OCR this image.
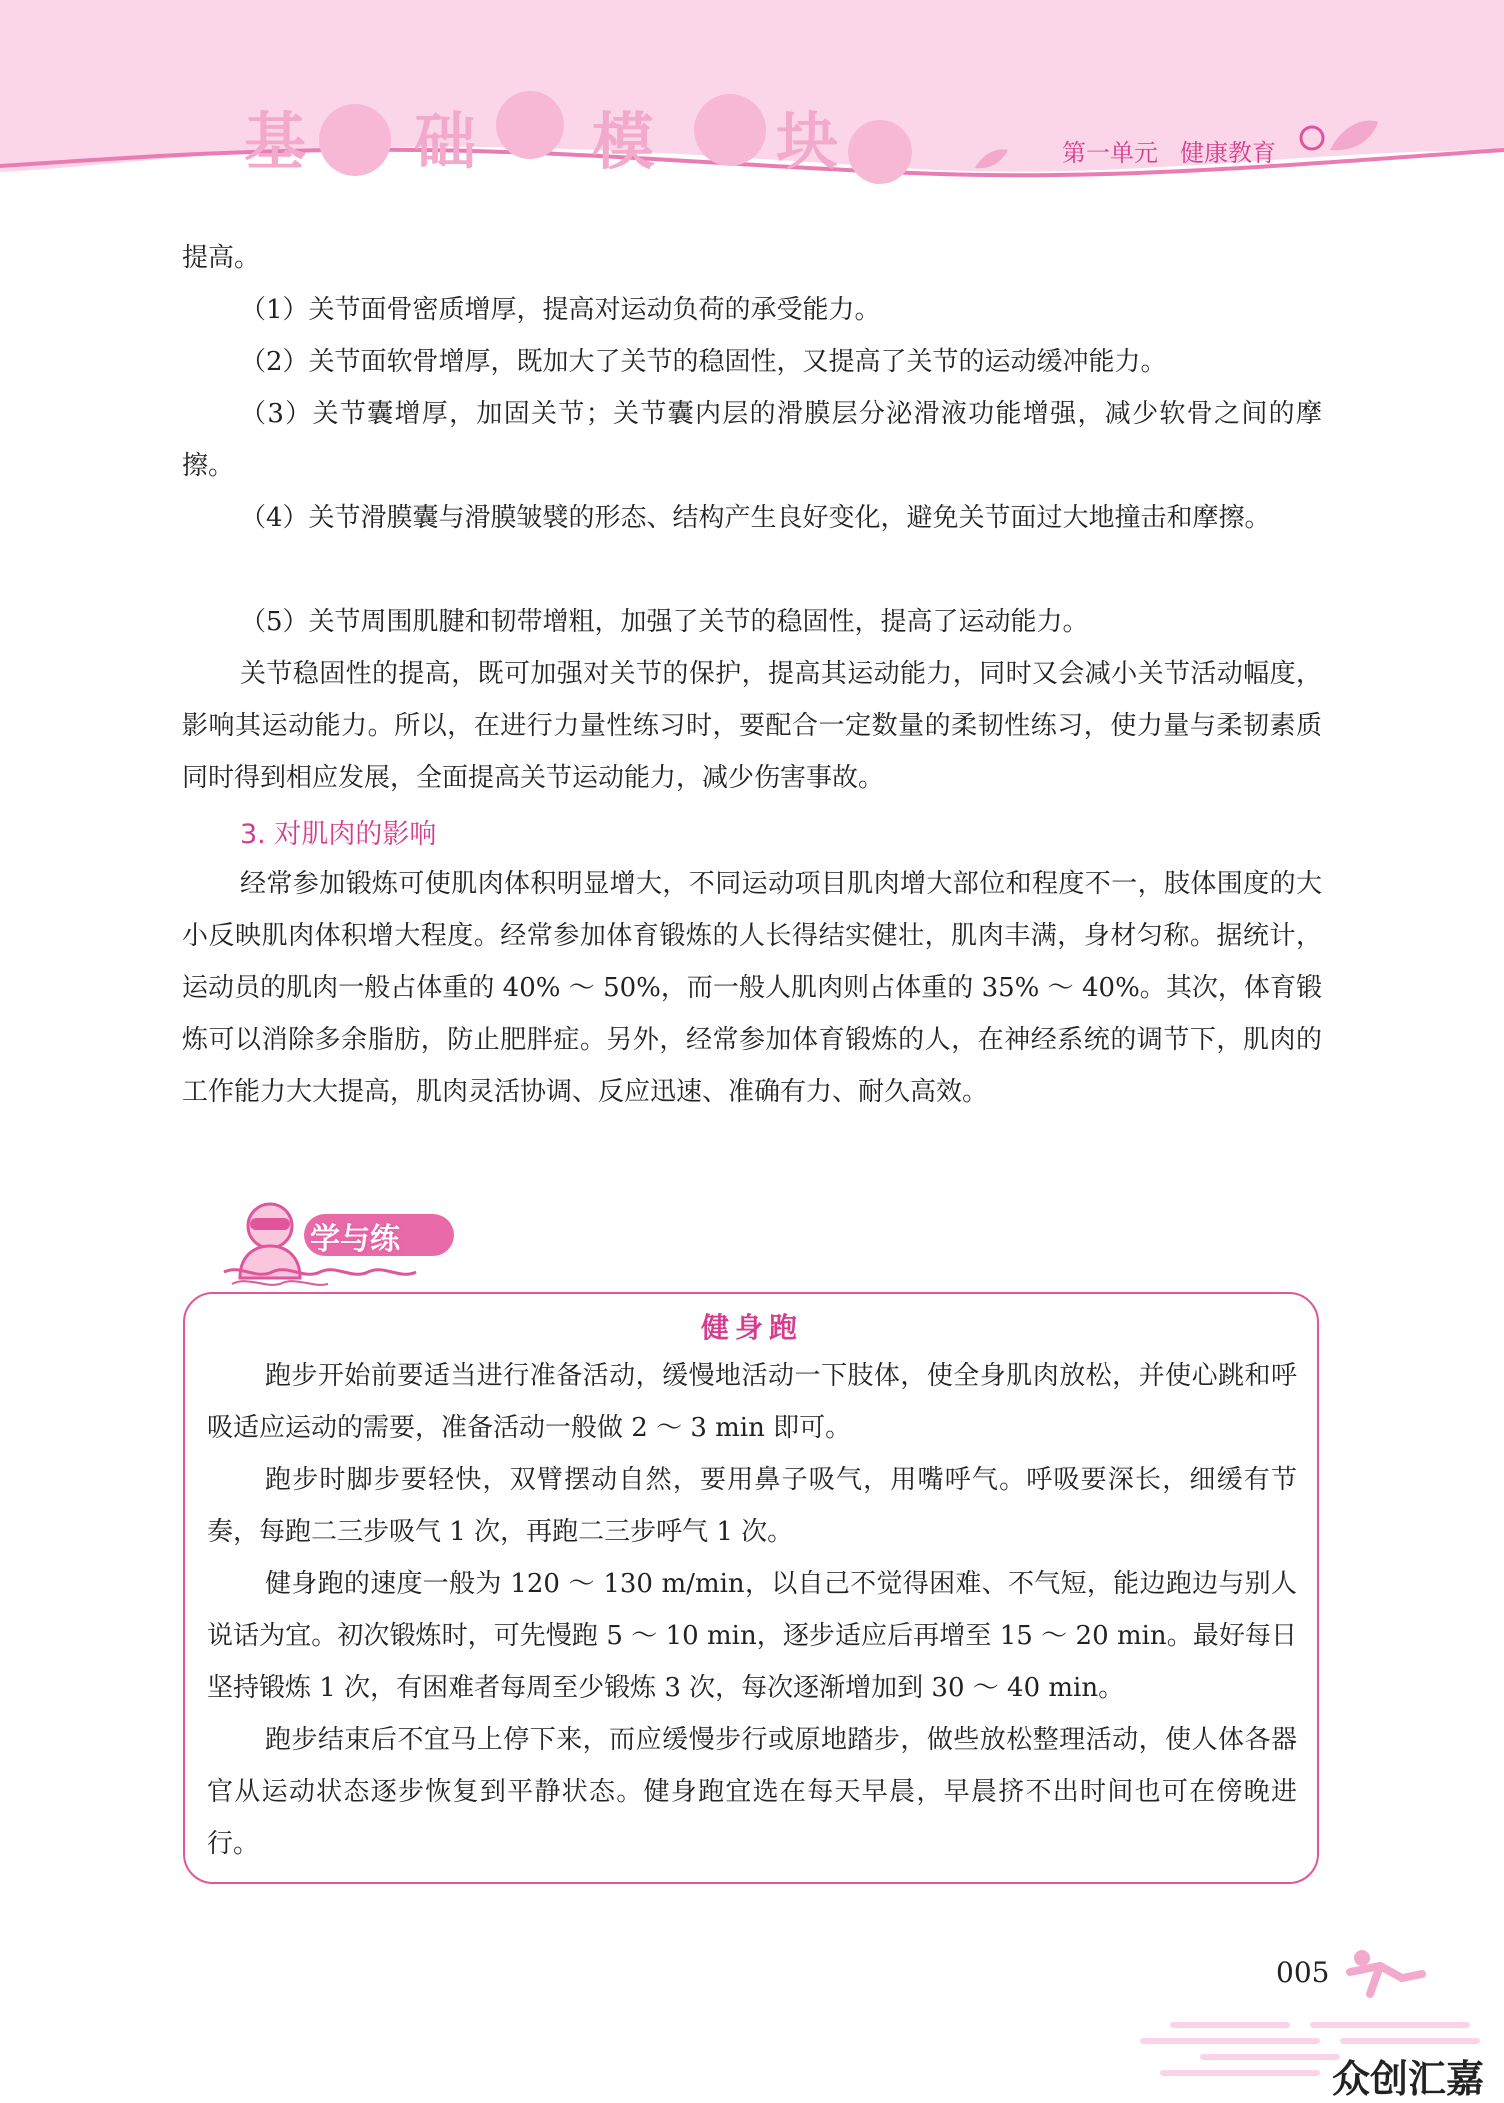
基 础 模 块	第一单元 健康教育

提高。

（1）关节面骨密质增厚，提高对运动负荷的承受能力。

（2）关节面软骨增厚，既加大了关节的稳固性，又提高了关节的运动缓冲能力。

（3）关节囊增厚，加固关节；关节囊内层的滑膜层分泌滑液功能增强，减少软骨之间的摩擦。

（4）关节滑膜囊与滑膜皱襞的形态、结构产生良好变化，避免关节面过大地撞击和摩擦。

（5）关节周围肌腱和韧带增粗，加强了关节的稳固性，提高了运动能力。

关节稳固性的提高，既可加强对关节的保护，提高其运动能力，同时又会减小关节活动幅度，影响其运动能力。所以，在进行力量性练习时，要配合一定数量的柔韧性练习，使力量与柔韧素质同时得到相应发展，全面提高关节运动能力，减少伤害事故。

3. 对肌肉的影响

经常参加锻炼可使肌肉体积明显增大，不同运动项目肌肉增大部位和程度不一，肢体围度的大小反映肌肉体积增大程度。经常参加体育锻炼的人长得结实健壮，肌肉丰满，身材匀称。据统计，运动员的肌肉一般占体重的 40% ～ 50%，而一般人肌肉则占体重的 35% ～ 40%。其次，体育锻炼可以消除多余脂肪，防止肥胖症。另外，经常参加体育锻炼的人，在神经系统的调节下，肌肉的工作能力大大提高，肌肉灵活协调、反应迅速、准确有力、耐久高效。

学与练
健身跑

跑步开始前要适当进行准备活动，缓慢地活动一下肢体，使全身肌肉放松，并使心跳和呼吸适应运动的需要，准备活动一般做 2 ～ 3 min 即可。

跑步时脚步要轻快，双臂摆动自然，要用鼻子吸气，用嘴呼气。呼吸要深长，细缓有节奏，每跑二三步吸气 1 次，再跑二三步呼气 1 次。

健身跑的速度一般为 120 ～ 130 m/min，以自己不觉得困难、不气短，能边跑边与别人说话为宜。初次锻炼时，可先慢跑 5 ～ 10 min，逐步适应后再增至 15 ～ 20 min。最好每日坚持锻炼 1 次，有困难者每周至少锻炼 3 次，每次逐渐增加到 30 ～ 40 min。

跑步结束后不宜马上停下来，而应缓慢步行或原地踏步，做些放松整理活动，使人体各器官从运动状态逐步恢复到平静状态。健身跑宜选在每天早晨，早晨挤不出时间也可在傍晚进行。

005
众创汇嘉
